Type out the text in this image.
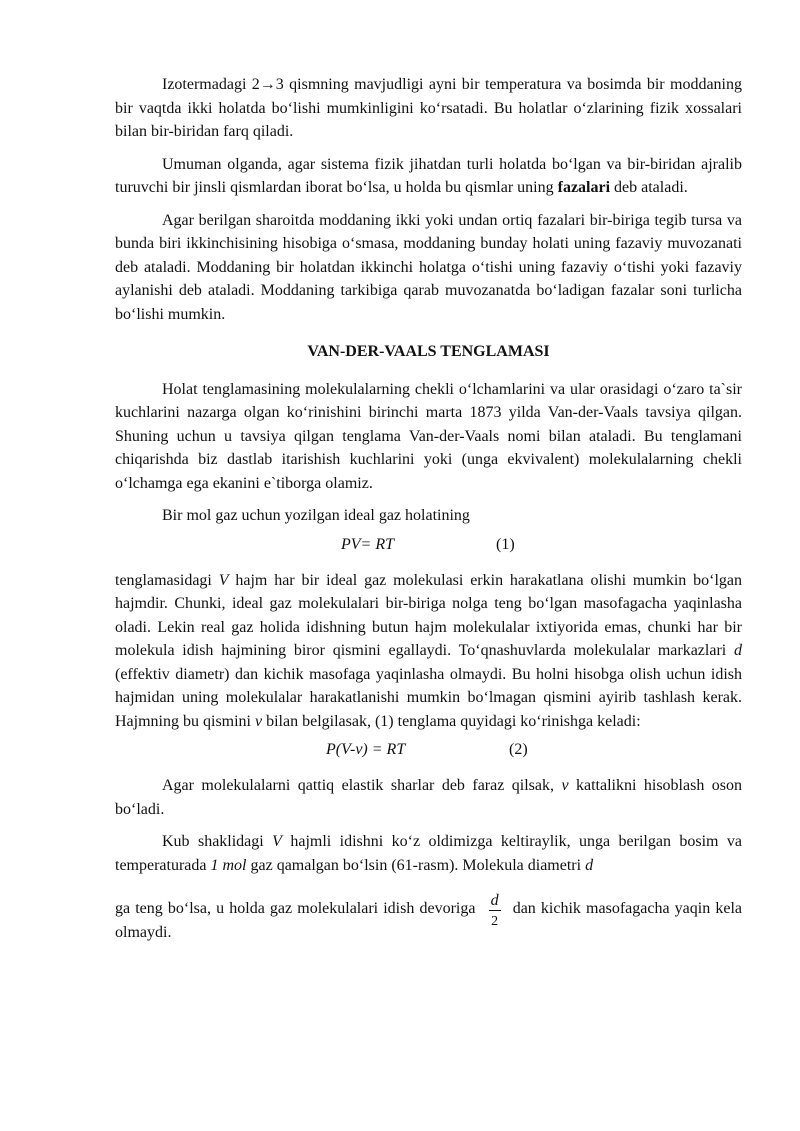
Izotermadagi 2→3 qismning mavjudligi ayni bir temperatura va bosimda bir moddaning bir vaqtda ikki holatda bo‘lishi mumkinligini ko‘rsatadi. Bu holatlar o‘zlarining fizik xossalari bilan bir-biridan farq qiladi.

Umuman olganda, agar sistema fizik jihatdan turli holatda bo‘lgan va bir-biridan ajralib turuvchi bir jinsli qismlardan iborat bo‘lsa, u holda bu qismlar uning fazalari deb ataladi.

Agar berilgan sharoitda moddaning ikki yoki undan ortiq fazalari bir-biriga tegib tursa va bunda biri ikkinchisining hisobiga o‘smasa, moddaning bunday holati uning fazaviy muvozanati deb ataladi. Moddaning bir holatdan ikkinchi holatga o‘tishi uning fazaviy o‘tishi yoki fazaviy aylanishi deb ataladi. Moddaning tarkibiga qarab muvozanatda bo‘ladigan fazalar soni turlicha bo‘lishi mumkin.

VAN-DER-VAALS TENGLAMASI

Holat tenglamasining molekulalarning chekli o‘lchamlarini va ular orasidagi o‘zaro ta`sir kuchlarini nazarga olgan ko‘rinishini birinchi marta 1873 yilda Van-der-Vaals tavsiya qilgan. Shuning uchun u tavsiya qilgan tenglama Van-der-Vaals nomi bilan ataladi. Bu tenglamani chiqarishda biz dastlab itarishish kuchlarini yoki (unga ekvivalent) molekulalarning chekli o‘lchamga ega ekanini e`tiborga olamiz.

Bir mol gaz uchun yozilgan ideal gaz holatining

PV= RT	(1)

tenglamasidagi V hajm har bir ideal gaz molekulasi erkin harakatlana olishi mumkin bo‘lgan hajmdir. Chunki, ideal gaz molekulalari bir-biriga nolga teng bo‘lgan masofagacha yaqinlasha oladi. Lekin real gaz holida idishning butun hajm molekulalar ixtiyorida emas, chunki har bir molekula idish hajmining biror qismini egallaydi. To‘qnashuvlarda molekulalar markazlari d (effektiv diametr) dan kichik masofaga yaqinlasha olmaydi. Bu holni hisobga olish uchun idish hajmidan uning molekulalar harakatlanishi mumkin bo‘lmagan qismini ayirib tashlash kerak. Hajmning bu qismini v bilan belgilasak, (1) tenglama quyidagi ko‘rinishga keladi:

P(V-v) = RT	(2)

Agar molekulalarni qattiq elastik sharlar deb faraz qilsak, v kattalikni hisoblash oson bo‘ladi.

Kub shaklidagi V hajmli idishni ko‘z oldimizga keltiraylik, unga berilgan bosim va temperaturada 1 mol gaz qamalgan bo‘lsin (61-rasm). Molekula diametri d

ga teng bo‘lsa, u holda gaz molekulalari idish devoriga d
2
dan kichik masofagacha yaqin kela olmaydi.
